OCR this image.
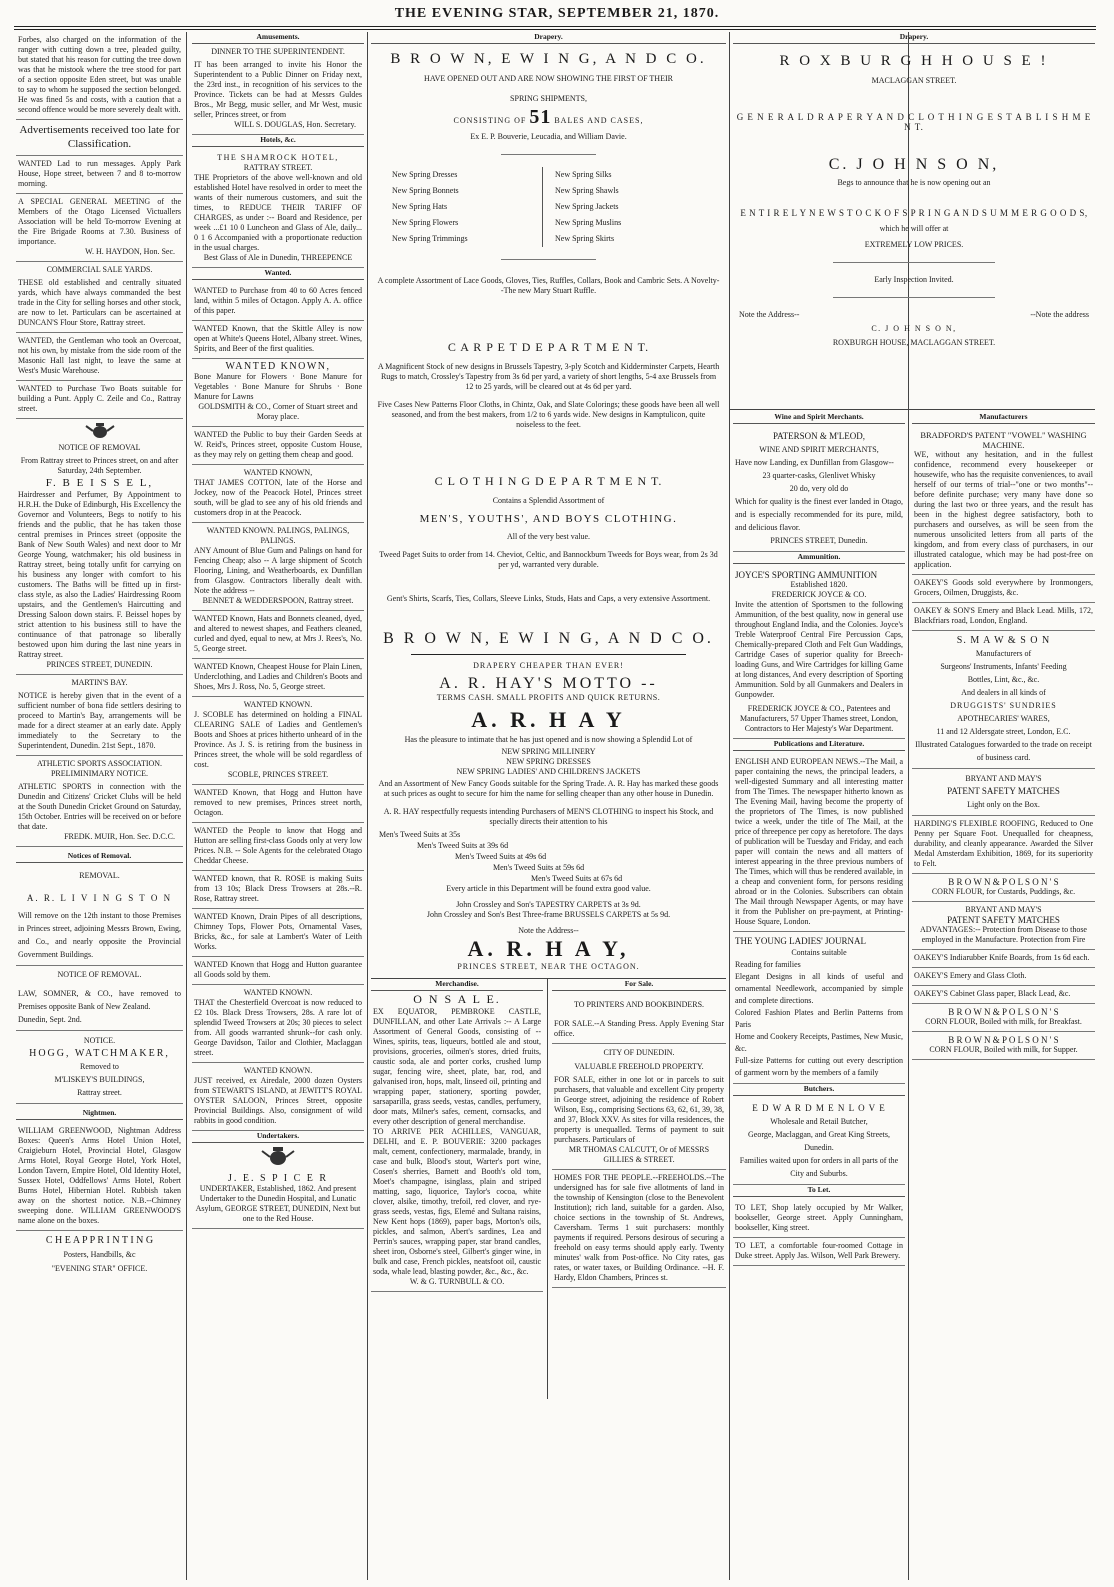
THE EVENING STAR, SEPTEMBER 21, 1870.

Forbes, also charged on the information of the ranger with cutting down a tree, pleaded guilty, but stated that his reason for cutting the tree down was that he mistook where the tree stood for part of a section opposite Eden street, but was unable to say to whom he supposed the section belonged. He was fined 5s and costs, with a caution that a second offence would be more severely dealt with.

Advertisements received too late for Classification.

WANTED Lad to run messages. Apply Park House, Hope street, between 7 and 8 to-morrow morning.

A SPECIAL GENERAL MEETING of the Members of the Otago Licensed Victuallers Association will be held To-morrow Evening at the Fire Brigade Rooms at 7.30. Business of importance.

W. H. HAYDON, Hon. Sec.

COMMERCIAL SALE YARDS.

THESE old established and centrally situated yards, which have always commanded the best trade in the City for selling horses and other stock, are now to let. Particulars can be ascertained at DUNCAN'S Flour Store, Rattray street.

WANTED, the Gentleman who took an Overcoat, not his own, by mistake from the side room of the Masonic Hall last night, to leave the same at West's Music Warehouse.

WANTED to Purchase Two Boats suitable for building a Punt. Apply C. Zeile and Co., Rattray street.

NOTICE OF REMOVAL

From Rattray street to Princes street, on and after Saturday, 24th September.

F. B E I S S E L,

Hairdresser and Perfumer, By Appointment to H.R.H. the Duke of Edinburgh, His Excellency the Governor and Volunteers, Begs to notify to his friends and the public, that he has taken those central premises in Princes street (opposite the Bank of New South Wales) and next door to Mr George Young, watchmaker; his old business in Rattray street, being totally unfit for carrying on his business any longer with comfort to his customers. The Baths will be fitted up in first-class style, as also the Ladies' Hairdressing Room upstairs, and the Gentlemen's Haircutting and Dressing Saloon down stairs. F. Beissel hopes by strict attention to his business still to have the continuance of that patronage so liberally bestowed upon him during the last nine years in Rattray street.

PRINCES STREET, DUNEDIN.

MARTIN'S BAY.

NOTICE is hereby given that in the event of a sufficient number of bona fide settlers desiring to proceed to Martin's Bay, arrangements will be made for a direct steamer at an early date. Apply immediately to the Secretary to the Superintendent, Dunedin. 21st Sept., 1870.

ATHLETIC SPORTS ASSOCIATION.
PRELIMINIMARY NOTICE.

ATHLETIC SPORTS in connection with the Dunedin and Citizens' Cricket Clubs will be held at the South Dunedin Cricket Ground on Saturday, 15th October. Entries will be received on or before that date.

FREDK. MUIR, Hon. Sec. D.C.C.

Notices of Removal.
REMOVAL.

A. R. L I V I N G S T O N

Will remove on the 12th instant to those Premises in Princes street, adjoining Messrs Brown, Ewing, and Co., and nearly opposite the Provincial Government Buildings.

NOTICE OF REMOVAL.

LAW, SOMNER, & CO., have removed to Premises opposite Bank of New Zealand.

Dunedin, Sept. 2nd.

NOTICE.

HOGG, WATCHMAKER,

Removed to

M'LISKEY'S BUILDINGS,

Rattray street.

Nightmen.

WILLIAM GREENWOOD, Nightman Address Boxes: Queen's Arms Hotel Union Hotel, Craigieburn Hotel, Provincial Hotel, Glasgow Arms Hotel, Royal George Hotel, York Hotel, London Tavern, Empire Hotel, Old Identity Hotel, Sussex Hotel, Oddfellows' Arms Hotel, Robert Burns Hotel, Hibernian Hotel. Rubbish taken away on the shortest notice. N.B.--Chimney sweeping done. WILLIAM GREENWOOD'S name alone on the boxes.

C H E A P P R I N T I N G

Posters, Handbills, &c

"EVENING STAR" OFFICE.

Amusements.
DINNER TO THE SUPERINTENDENT.

IT has been arranged to invite his Honor the Superintendent to a Public Dinner on Friday next, the 23rd inst., in recognition of his services to the Province. Tickets can be had at Messrs Guldes Bros., Mr Begg, music seller, and Mr West, music seller, Princes street, or from

WILL S. DOUGLAS, Hon. Secretary.

Hotels, &c.

THE SHAMROCK HOTEL,

RATTRAY STREET.

THE Proprietors of the above well-known and old established Hotel have resolved in order to meet the wants of their numerous customers, and suit the times, to REDUCE THEIR TARIFF OF CHARGES, as under :-- Board and Residence, per week ...£1 10 0 Luncheon and Glass of Ale, daily... 0 1 6 Accompanied with a proportionate reduction in the usual charges.

Best Glass of Ale in Dunedin, THREEPENCE

Wanted.

WANTED to Purchase from 40 to 60 Acres fenced land, within 5 miles of Octagon. Apply A. A. office of this paper.

WANTED Known, that the Skittle Alley is now open at White's Queens Hotel, Albany street. Wines, Spirits, and Beer of the first qualities.

WANTED KNOWN,

Bone Manure for Flowers · Bone Manure for Vegetables · Bone Manure for Shrubs · Bone Manure for Lawns

GOLDSMITH & CO., Corner of Stuart street and Moray place.

WANTED the Public to buy their Garden Seeds at W. Reid's, Princes street, opposite Custom House, as they may rely on getting them cheap and good.

WANTED KNOWN,

THAT JAMES COTTON, late of the Horse and Jockey, now of the Peacock Hotel, Princes street south, will be glad to see any of his old friends and customers drop in at the Peacock.

WANTED KNOWN. PALINGS, PALINGS, PALINGS.

ANY Amount of Blue Gum and Palings on hand for Fencing Cheap; also -- A large shipment of Scotch Flooring, Lining, and Weatherboards, ex Dunfillan from Glasgow. Contractors liberally dealt with. Note the address --

BENNET & WEDDERSPOON, Rattray street.

WANTED Known, Hats and Bonnets cleaned, dyed, and altered to newest shapes, and Feathers cleaned, curled and dyed, equal to new, at Mrs J. Rees's, No. 5, George street.

WANTED Known, Cheapest House for Plain Linen, Underclothing, and Ladies and Children's Boots and Shoes, Mrs J. Ross, No. 5, George street.

WANTED KNOWN.

J. SCOBLE has determined on holding a FINAL CLEARING SALE of Ladies and Gentlemen's Boots and Shoes at prices hitherto unheard of in the Province. As J. S. is retiring from the business in Princes street, the whole will be sold regardless of cost.

SCOBLE, PRINCES STREET.

WANTED Known, that Hogg and Hutton have removed to new premises, Princes street north, Octagon.

WANTED the People to know that Hogg and Hutton are selling first-class Goods only at very low Prices. N.B. -- Sole Agents for the celebrated Otago Cheddar Cheese.

WANTED known, that R. ROSE is making Suits from 13 10s; Black Dress Trowsers at 28s.--R. Rose, Rattray street.

WANTED Known, Drain Pipes of all descriptions, Chimney Tops, Flower Pots, Ornamental Vases, Bricks, &c., for sale at Lambert's Water of Leith Works.

WANTED Known that Hogg and Hutton guarantee all Goods sold by them.

WANTED KNOWN.

THAT the Chesterfield Overcoat is now reduced to £2 10s. Black Dress Trowsers, 28s. A rare lot of splendid Tweed Trowsers at 20s; 30 pieces to select from. All goods warranted shrunk--for cash only. George Davidson, Tailor and Clothier, Maclaggan street.

WANTED KNOWN.

JUST received, ex Airedale, 2000 dozen Oysters from STEWART'S ISLAND, at JEWITT'S ROYAL OYSTER SALOON, Princes Street, opposite Provincial Buildings. Also, consignment of wild rabbits in good condition.

Undertakers.

J. E. S P I C E R

UNDERTAKER, Established, 1862. And present Undertaker to the Dunedin Hospital, and Lunatic Asylum, GEORGE STREET, DUNEDIN, Next but one to the Red House.

Drapery.
B R O W N, E W I N G, A N D C O.
HAVE OPENED OUT AND ARE NOW SHOWING THE FIRST OF THEIR
SPRING SHIPMENTS,
CONSISTING OF 51 BALES AND CASES,
Ex E. P. Bouverie, Leucadia, and William Davie.
New Spring Dresses
New Spring Bonnets
New Spring Hats
New Spring Flowers
New Spring Trimmings
New Spring Silks
New Spring Shawls
New Spring Jackets
New Spring Muslins
New Spring Skirts
A complete Assortment of Lace Goods, Gloves, Ties, Ruffles, Collars, Book and Cambric Sets. A Novelty--The new Mary Stuart Ruffle.
C A R P E T D E P A R T M E N T.
A Magnificent Stock of new designs in Brussels Tapestry, 3-ply Scotch and Kidderminster Carpets, Hearth Rugs to match, Crossley's Tapestry from 3s 6d per yard, a variety of short lengths, 5-4 axe Brussels from 12 to 25 yards, will be cleared out at 4s 6d per yard.
Five Cases New Patterns Floor Cloths, in Chintz, Oak, and Slate Colorings; these goods have been all well seasoned, and from the best makers, from 1/2 to 6 yards wide. New designs in Kamptulicon, quite noiseless to the feet.
C L O T H I N G D E P A R T M E N T.
Contains a Splendid Assortment of
MEN'S, YOUTHS', AND BOYS CLOTHING.
All of the very best value.
Tweed Paget Suits to order from 14. Cheviot, Celtic, and Bannockburn Tweeds for Boys wear, from 2s 3d per yd, warranted very durable.
Gent's Shirts, Scarfs, Ties, Collars, Sleeve Links, Studs, Hats and Caps, a very extensive Assortment.
B R O W N, E W I N G, A N D C O.
DRAPERY CHEAPER THAN EVER!
A. R. HAY'S MOTTO --
TERMS CASH. SMALL PROFITS AND QUICK RETURNS.
A. R. H A Y
Has the pleasure to intimate that he has just opened and is now showing a Splendid Lot of
NEW SPRING MILLINERY
NEW SPRING DRESSES
NEW SPRING LADIES' AND CHILDREN'S JACKETS
And an Assortment of New Fancy Goods suitable for the Spring Trade. A. R. Hay has marked these goods at such prices as ought to secure for him the name for selling cheaper than any other house in Dunedin.
A. R. HAY respectfully requests intending Purchasers of MEN'S CLOTHING to inspect his Stock, and specially directs their attention to his
Men's Tweed Suits at 35s
Men's Tweed Suits at 39s 6d
Men's Tweed Suits at 49s 6d
Men's Tweed Suits at 59s 6d
Men's Tweed Suits at 67s 6d
Every article in this Department will be found extra good value.
John Crossley and Son's TAPESTRY CARPETS at 3s 9d.
John Crossley and Son's Best Three-frame BRUSSELS CARPETS at 5s 9d.
Note the Address--
A. R. H A Y,
PRINCES STREET, NEAR THE OCTAGON.
Merchandise.
O N S A L E.

EX EQUATOR, PEMBROKE CASTLE, DUNFILLAN, and other Late Arrivals :-- A Large Assortment of General Goods, consisting of -- Wines, spirits, teas, liqueurs, bottled ale and stout, provisions, groceries, oilmen's stores, dried fruits, caustic soda, ale and porter corks, crushed lump sugar, fencing wire, sheet, plate, bar, rod, and galvanised iron, hops, malt, linseed oil, printing and wrapping paper, stationery, sporting powder, sarsaparilla, grass seeds, vestas, candles, perfumery, door mats, Milner's safes, cement, cornsacks, and every other description of general merchandise.

TO ARRIVE PER ACHILLES, VANGUAR, DELHI, and E. P. BOUVERIE: 3200 packages malt, cement, confectionery, marmalade, brandy, in case and bulk, Blood's stout, Warter's port wine, Cosen's sherries, Barnett and Booth's old tom, Moet's champagne, isinglass, plain and striped matting, sago, liquorice, Taylor's cocoa, white clover, alsike, timothy, trefoil, red clover, and rye-grass seeds, vestas, figs, Elemé and Sultana raisins, New Kent hops (1869), paper bags, Morton's oils, pickles, and salmon, Abert's sardines, Lea and Perrin's sauces, wrapping paper, star brand candles, sheet iron, Osborne's steel, Gilbert's ginger wine, in bulk and case, French pickles, neatsfoot oil, caustic soda, whale lead, blasting powder, &c., &c., &c.

W. & G. TURNBULL & CO.

For Sale.
TO PRINTERS AND BOOKBINDERS.

FOR SALE.--A Standing Press. Apply Evening Star office.

CITY OF DUNEDIN.
VALUABLE FREEHOLD PROPERTY.

FOR SALE, either in one lot or in parcels to suit purchasers, that valuable and excellent City property in George street, adjoining the residence of Robert Wilson, Esq., comprising Sections 63, 62, 61, 39, 38, and 37, Block XXV. As sites for villa residences, the property is unequalled. Terms of payment to suit purchasers. Particulars of

MR THOMAS CALCUTT, Or of MESSRS GILLIES & STREET.

HOMES FOR THE PEOPLE.--FREEHOLDS.--The undersigned has for sale five allotments of land in the township of Kensington (close to the Benevolent Institution); rich land, suitable for a garden. Also, choice sections in the township of St. Andrews, Caversham. Terms 1 suit purchasers: monthly payments if required. Persons desirous of securing a freehold on easy terms should apply early. Twenty minutes' walk from Post-office. No City rates, gas rates, or water taxes, or Building Ordinance. --H. F. Hardy, Eldon Chambers, Princes st.

Drapery.
R O X B U R G H H O U S E !
MACLAGGAN STREET.
G E N E R A L D R A P E R Y A N D C L O T H I N G E S T A B L I S H M E N T.
C. J O H N S O N,
Begs to announce that he is now opening out an
E N T I R E L Y N E W S T O C K O F S P R I N G A N D S U M M E R G O O D S,
which he will offer at
EXTREMELY LOW PRICES.
Early Inspection Invited.
Note the Address--	--Note the address
C. J O H N S O N,
ROXBURGH HOUSE, MACLAGGAN STREET.
Wine and Spirit Merchants.

PATERSON & M'LEOD,

WINE AND SPIRIT MERCHANTS,

Have now Landing, ex Dunfillan from Glasgow--

23 quarter-casks, Glenlivet Whisky

20 do, very old do

Which for quality is the finest ever landed in Otago, and is especially recommended for its pure, mild, and delicious flavor.

PRINCES STREET, Dunedin.

Ammunition.

JOYCE'S SPORTING AMMUNITION

Established 1820.

FREDERICK JOYCE & CO.

Invite the attention of Sportsmen to the following Ammunition, of the best quality, now in general use throughout England India, and the Colonies. Joyce's Treble Waterproof Central Fire Percussion Caps, Chemically-prepared Cloth and Felt Gun Waddings, Cartridge Cases of superior quality for Breech-loading Guns, and Wire Cartridges for killing Game at long distances, And every description of Sporting Ammunition. Sold by all Gunmakers and Dealers in Gunpowder.

FREDERICK JOYCE & CO., Patentees and Manufacturers, 57 Upper Thames street, London, Contractors to Her Majesty's War Department.

Publications and Literature.

ENGLISH AND EUROPEAN NEWS.--The Mail, a paper containing the news, the principal leaders, a well-digested Summary and all interesting matter from The Times. The newspaper hitherto known as The Evening Mail, having become the property of the proprietors of The Times, is now published twice a week, under the title of The Mail, at the price of threepence per copy as heretofore. The days of publication will be Tuesday and Friday, and each paper will contain the news and all matters of interest appearing in the three previous numbers of The Times, which will thus be rendered available, in a cheap and convenient form, for persons residing abroad or in the Colonies. Subscribers can obtain The Mail through Newspaper Agents, or may have it from the Publisher on pre-payment, at Printing-House Square, London.

THE YOUNG LADIES' JOURNAL

Contains suitable

Reading for families

Elegant Designs in all kinds of useful and ornamental Needlework, accompanied by simple and complete directions.

Colored Fashion Plates and Berlin Patterns from Paris

Home and Cookery Receipts, Pastimes, New Music, &c.

Full-size Patterns for cutting out every description of garment worn by the members of a family

Butchers.

E D W A R D M E N L O V E

Wholesale and Retail Butcher,

George, Maclaggan, and Great King Streets, Dunedin.

Families waited upon for orders in all parts of the City and Suburbs.

To Let.

TO LET, Shop lately occupied by Mr Walker, bookseller, George street. Apply Cunningham, bookseller, King street.

TO LET, a comfortable four-roomed Cottage in Duke street. Apply Jas. Wilson, Well Park Brewery.

Manufacturers

BRADFORD'S PATENT "VOWEL" WASHING MACHINE.

WE, without any hesitation, and in the fullest confidence, recommend every housekeeper or housewife, who has the requisite conveniences, to avail herself of our terms of trial--"one or two months"--before definite purchase; very many have done so during the last two or three years, and the result has been in the highest degree satisfactory, both to purchasers and ourselves, as will be seen from the numerous unsolicited letters from all parts of the kingdom, and from every class of purchasers, in our illustrated catalogue, which may be had post-free on application.

OAKEY'S Goods sold everywhere by Ironmongers, Grocers, Oilmen, Druggists, &c.

OAKEY & SON'S Emery and Black Lead. Mills, 172, Blackfriars road, London, England.

S. M A W & S O N

Manufacturers of

Surgeons' Instruments, Infants' Feeding

Bottles, Lint, &c., &c.

And dealers in all kinds of

DRUGGISTS' SUNDRIES

APOTHECARIES' WARES,

11 and 12 Aldersgate street, London, E.C.

Illustrated Catalogues forwarded to the trade on receipt of business card.

BRYANT AND MAY'S

PATENT SAFETY MATCHES

Light only on the Box.

HARDING'S FLEXIBLE ROOFING, Reduced to One Penny per Square Foot. Unequalled for cheapness, durability, and cleanly appearance. Awarded the Silver Medal Amsterdam Exhibition, 1869, for its superiority to Felt.

B R O W N & P O L S O N ' S

CORN FLOUR, for Custards, Puddings, &c.

BRYANT AND MAY'S

PATENT SAFETY MATCHES

ADVANTAGES:-- Protection from Disease to those employed in the Manufacture. Protection from Fire

OAKEY'S Indiarubber Knife Boards, from 1s 6d each.

OAKEY'S Emery and Glass Cloth.

OAKEY'S Cabinet Glass paper, Black Lead, &c.

B R O W N & P O L S O N ' S

CORN FLOUR, Boiled with milk, for Breakfast.

B R O W N & P O L S O N ' S

CORN FLOUR, Boiled with milk, for Supper.
